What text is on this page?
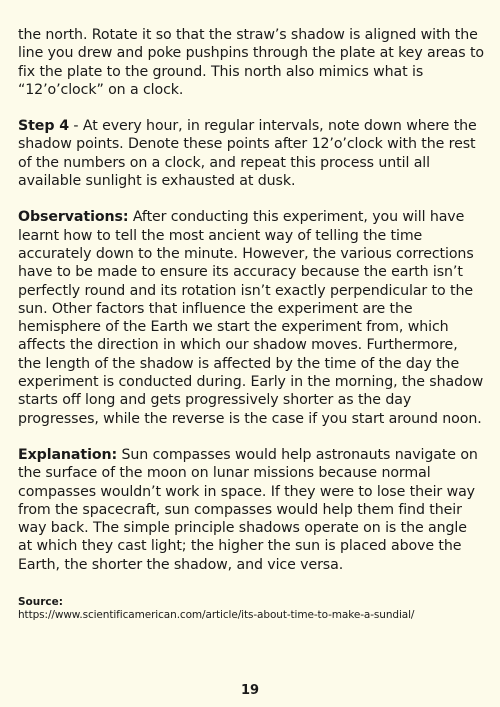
the north. Rotate it so that the straw’s shadow is aligned with the line you drew and poke pushpins through the plate at key areas to fix the plate to the ground. This north also mimics what is “12’o’clock” on a clock.

Step 4 - At every hour, in regular intervals, note down where the shadow points. Denote these points after 12’o’clock with the rest of the numbers on a clock, and repeat this process until all available sunlight is exhausted at dusk.

Observations: After conducting this experiment, you will have learnt how to tell the most ancient way of telling the time accurately down to the minute. However, the various corrections have to be made to ensure its accuracy because the earth isn’t perfectly round and its rotation isn’t exactly perpendicular to the sun. Other factors that influence the experiment are the hemisphere of the Earth we start the experiment from, which affects the direction in which our shadow moves. Furthermore, the length of the shadow is affected by the time of the day the experiment is conducted during. Early in the morning, the shadow starts off long and gets progressively shorter as the day progresses, while the reverse is the case if you start around noon.

Explanation: Sun compasses would help astronauts navigate on the surface of the moon on lunar missions because normal compasses wouldn’t work in space. If they were to lose their way from the spacecraft, sun compasses would help them find their way back. The simple principle shadows operate on is the angle at which they cast light; the higher the sun is placed above the Earth, the shorter the shadow, and vice versa.

Source:
https://www.scientificamerican.com/article/its-about-time-to-make-a-sundial/
19
